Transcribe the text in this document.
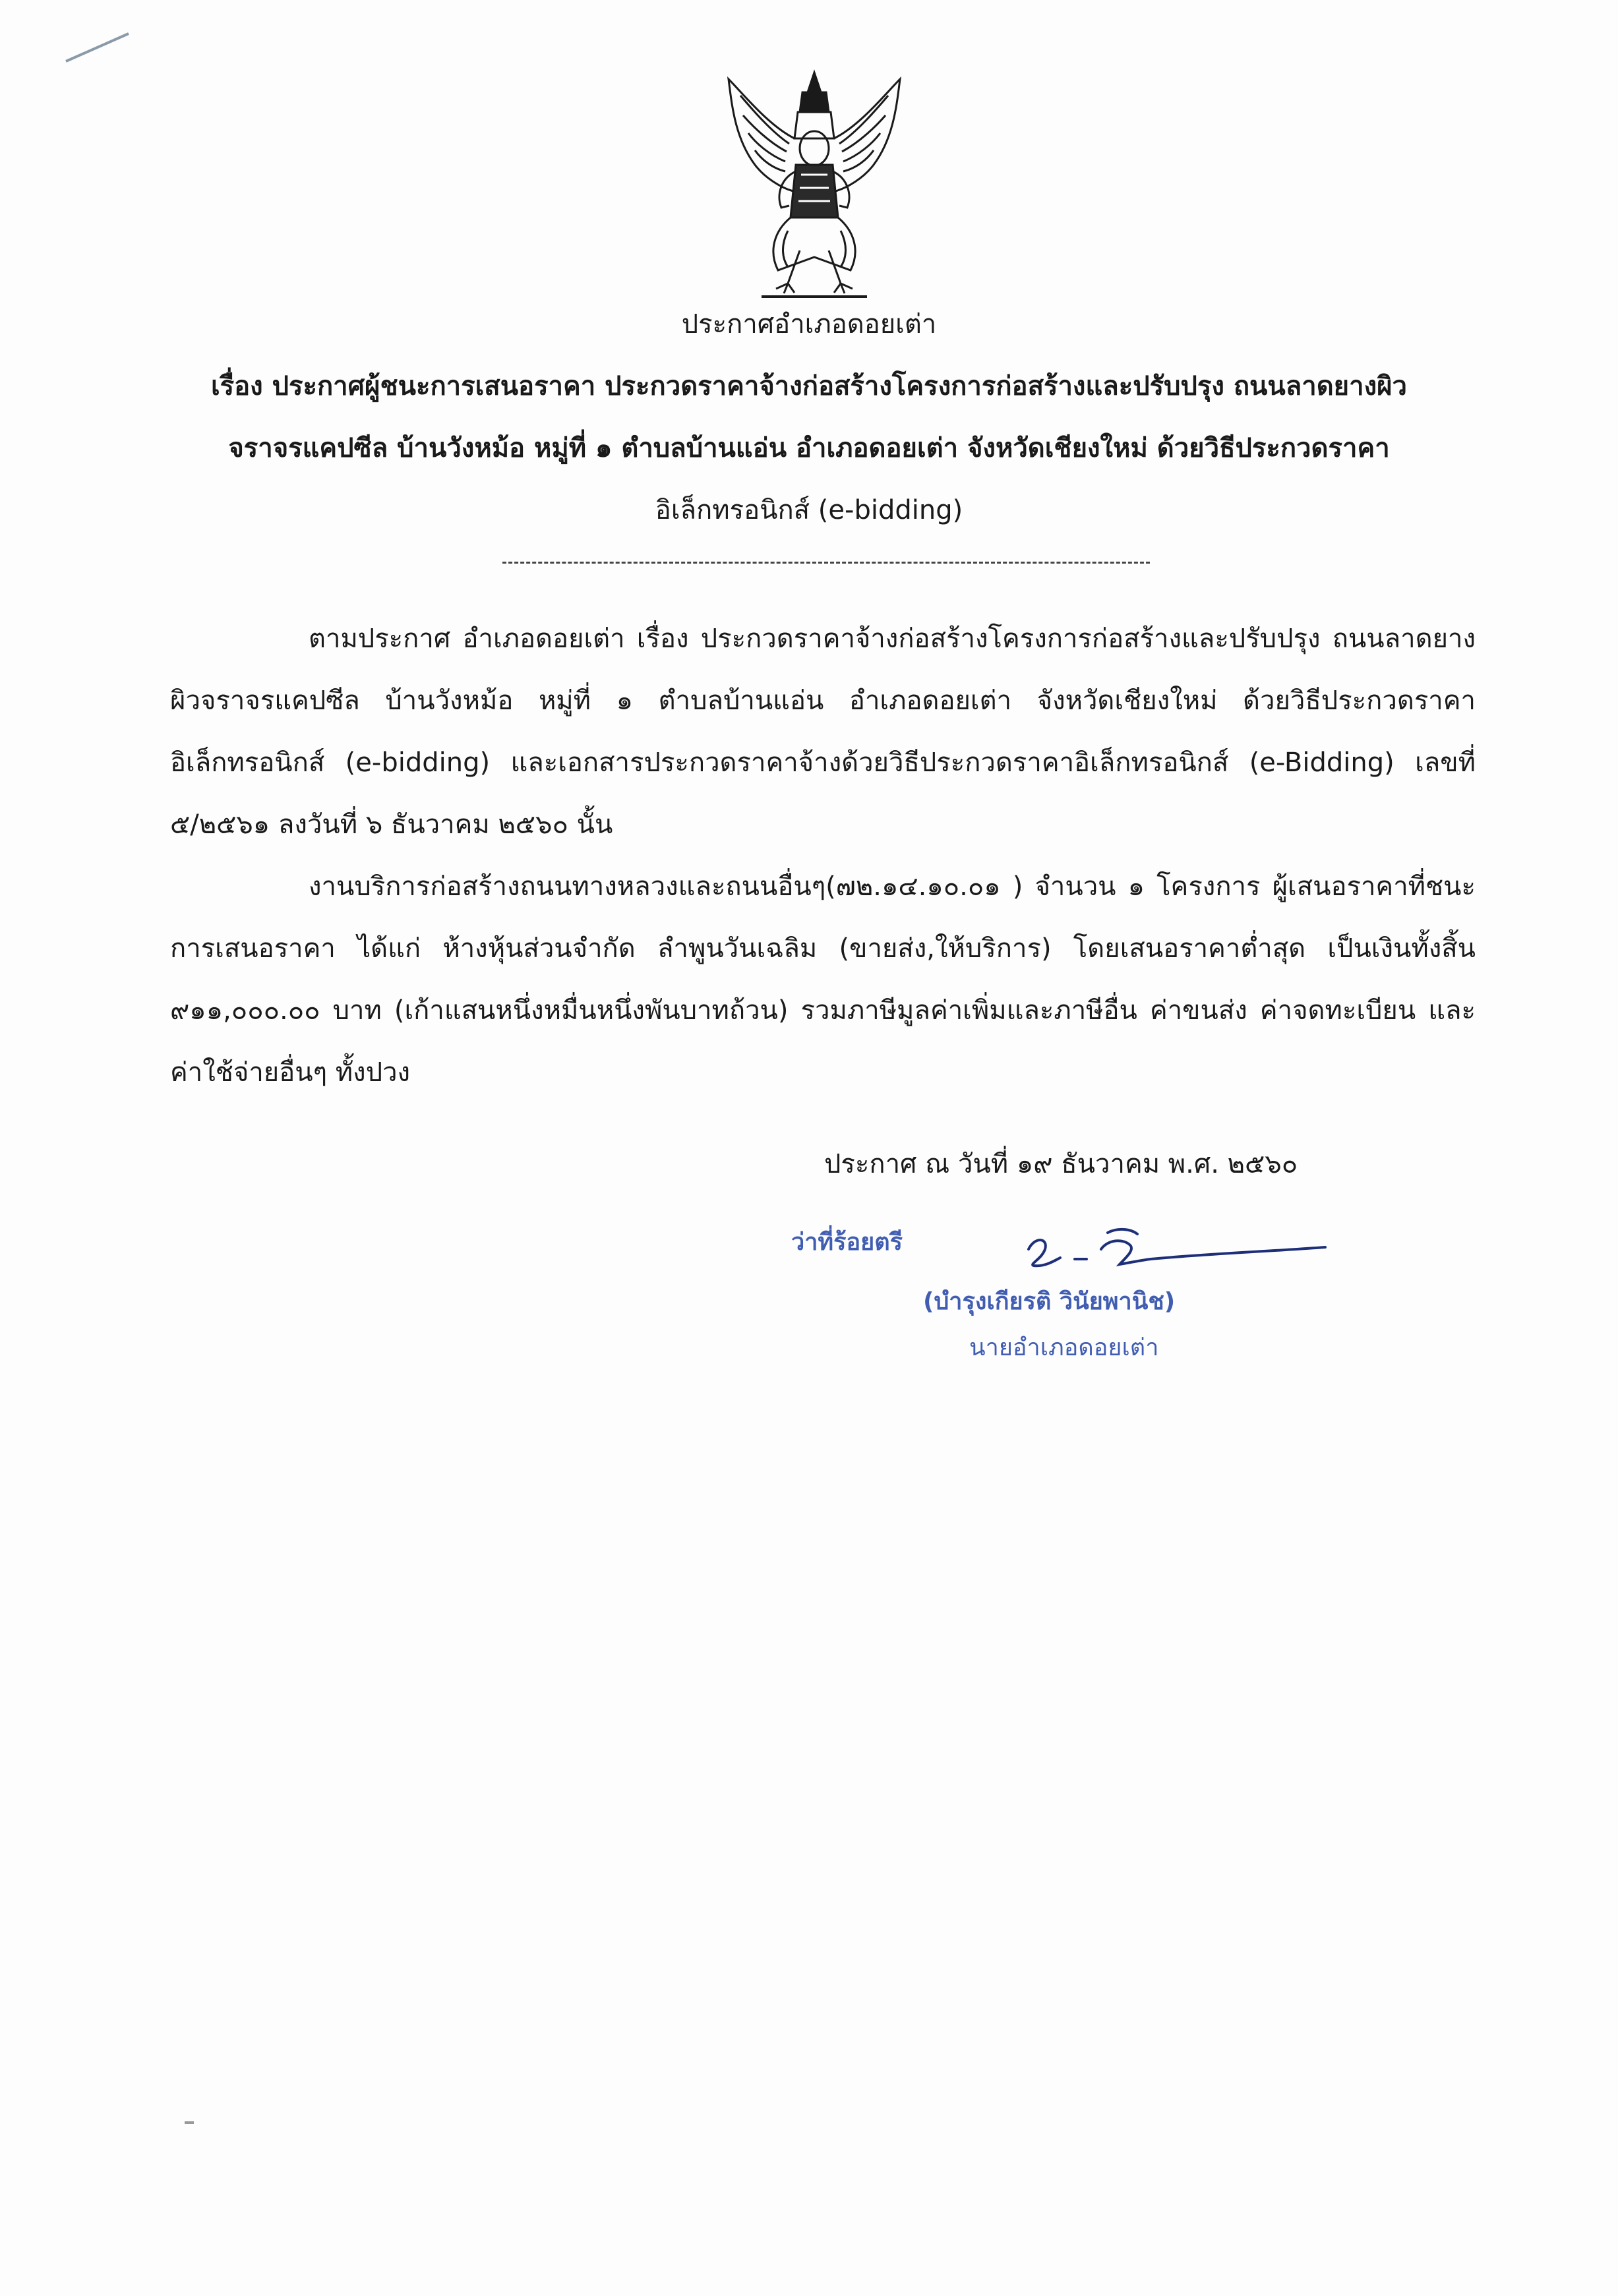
ประกาศอำเภอดอยเต่า
เรื่อง ประกาศผู้ชนะการเสนอราคา ประกวดราคาจ้างก่อสร้างโครงการก่อสร้างและปรับปรุง ถนนลาดยางผิว
จราจรแคปซีล บ้านวังหม้อ หมู่ที่ ๑ ตำบลบ้านแอ่น อำเภอดอยเต่า จังหวัดเชียงใหม่ ด้วยวิธีประกวดราคา
อิเล็กทรอนิกส์ (e-bidding)

ตามประกาศ อำเภอดอยเต่า เรื่อง ประกวดราคาจ้างก่อสร้างโครงการก่อสร้างและปรับปรุง ถนนลาดยางผิวจราจรแคปซีล บ้านวังหม้อ หมู่ที่ ๑ ตำบลบ้านแอ่น อำเภอดอยเต่า จังหวัดเชียงใหม่ ด้วยวิธีประกวดราคาอิเล็กทรอนิกส์ (e-bidding) และเอกสารประกวดราคาจ้างด้วยวิธีประกวดราคาอิเล็กทรอนิกส์ (e-Bidding) เลขที่ ๕/๒๕๖๑ ลงวันที่ ๖ ธันวาคม ๒๕๖๐ นั้น

งานบริการก่อสร้างถนนทางหลวงและถนนอื่นๆ(๗๒.๑๔.๑๐.๐๑ ) จำนวน ๑ โครงการ ผู้เสนอราคาที่ชนะการเสนอราคา ได้แก่ ห้างหุ้นส่วนจำกัด ลำพูนวันเฉลิม (ขายส่ง,ให้บริการ) โดยเสนอราคาต่ำสุด เป็นเงินทั้งสิ้น ๙๑๑,๐๐๐.๐๐ บาท (เก้าแสนหนึ่งหมื่นหนึ่งพันบาทถ้วน) รวมภาษีมูลค่าเพิ่มและภาษีอื่น ค่าขนส่ง ค่าจดทะเบียน และค่าใช้จ่ายอื่นๆ ทั้งปวง

ประกาศ ณ วันที่ ๑๙ ธันวาคม พ.ศ. ๒๕๖๐
ว่าที่ร้อยตรี
(บำรุงเกียรติ วินัยพานิช)
นายอำเภอดอยเต่า
